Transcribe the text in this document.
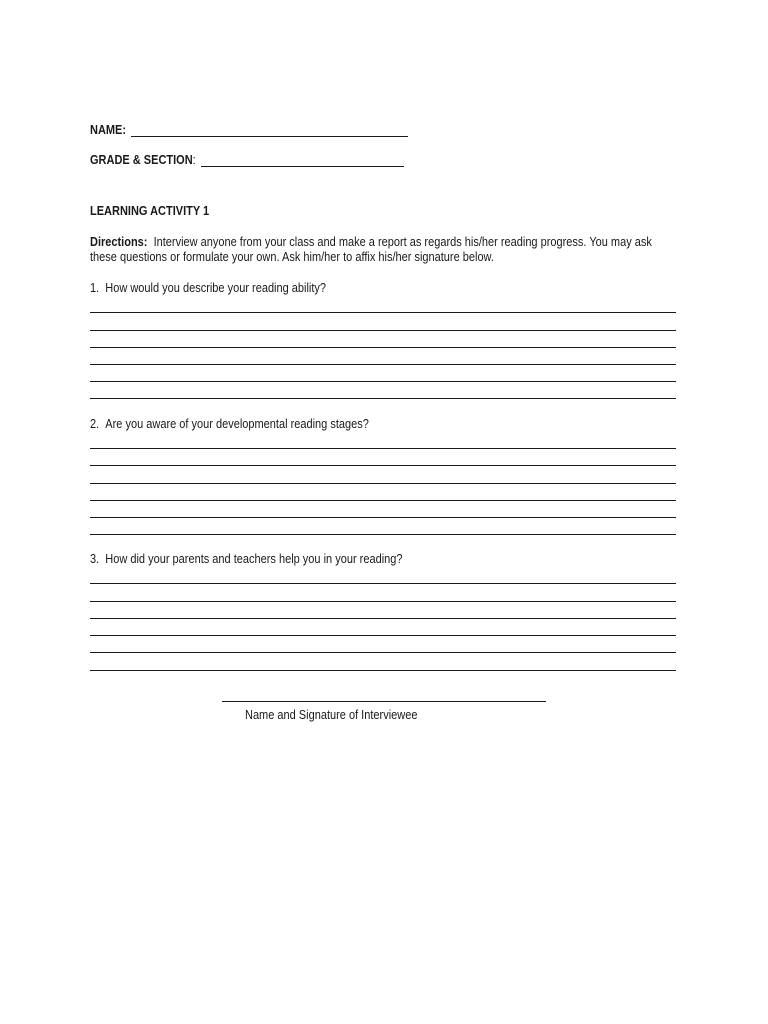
NAME:
GRADE & SECTION:
LEARNING ACTIVITY 1
Directions: Interview anyone from your class and make a report as regards his/her reading progress. You may ask
these questions or formulate your own. Ask him/her to affix his/her signature below.
1. How would you describe your reading ability?
2. Are you aware of your developmental reading stages?
3. How did your parents and teachers help you in your reading?
Name and Signature of Interviewee
